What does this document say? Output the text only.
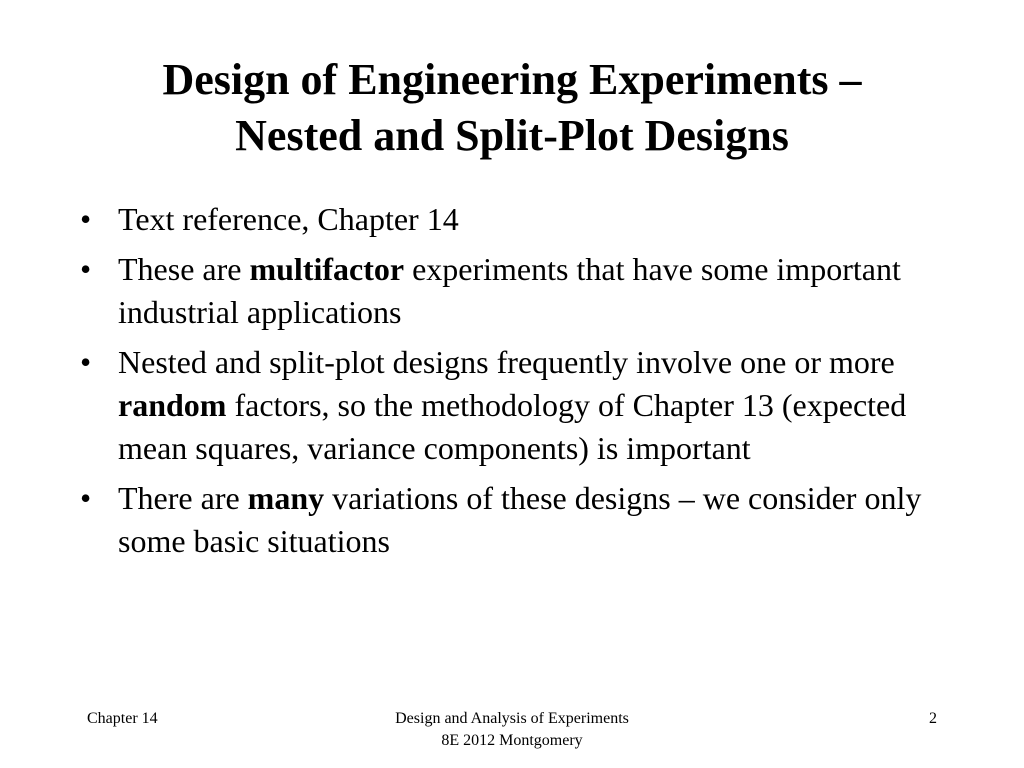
Design of Engineering Experiments –
Nested and Split-Plot Designs
• Text reference, Chapter 14
• These are multifactor experiments that have some important industrial applications
• Nested and split-plot designs frequently involve one or more random factors, so the methodology of Chapter 13 (expected mean squares, variance components) is important
• There are many variations of these designs – we consider only some basic situations
Chapter 14	Design and Analysis of Experiments
8E 2012 Montgomery
2
